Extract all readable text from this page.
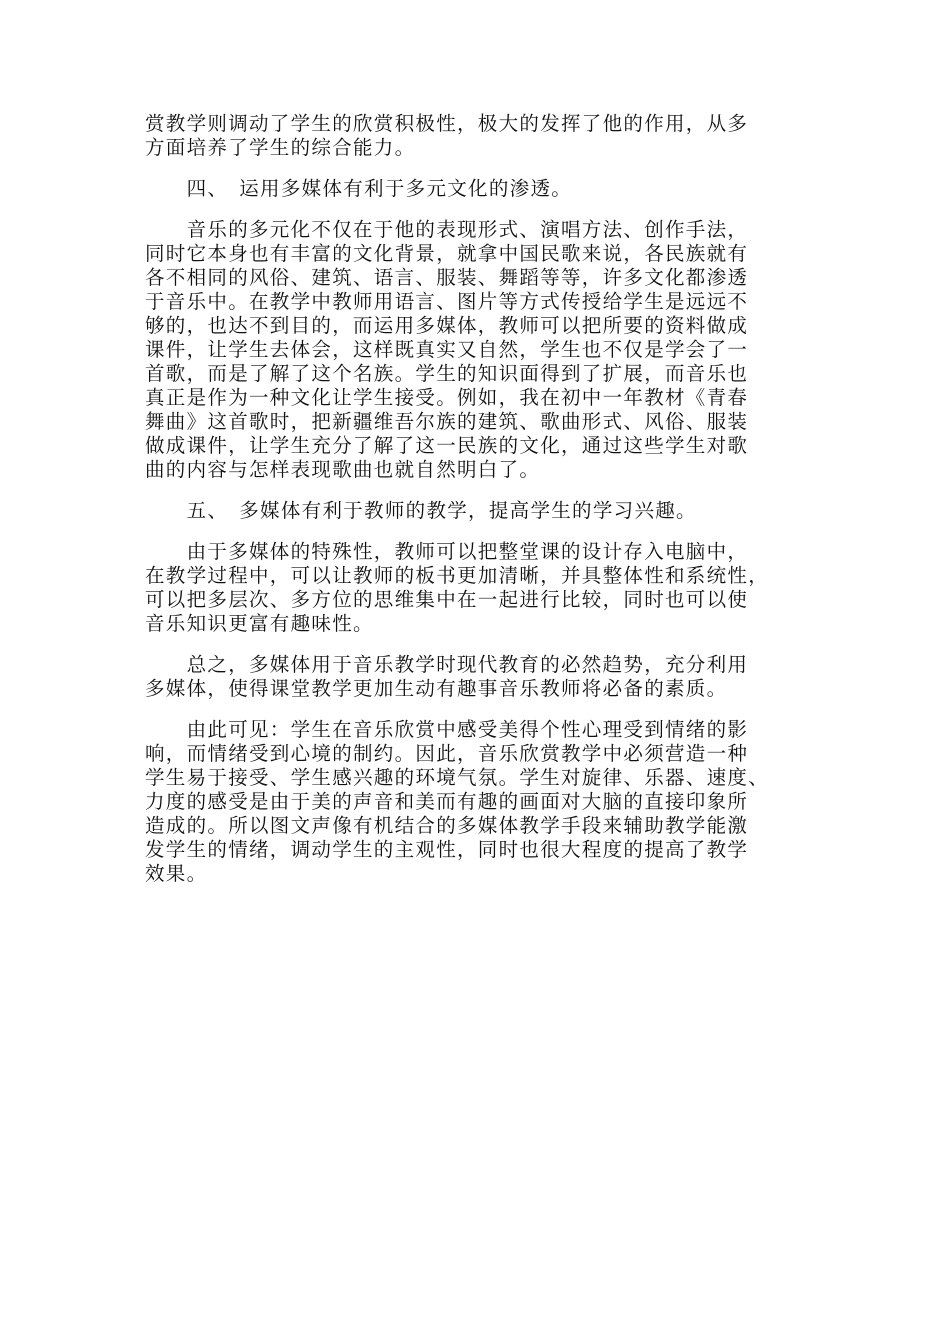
赏教学则调动了学生的欣赏积极性，极大的发挥了他的作用，从多
方面培养了学生的综合能力。
　　四、　运用多媒体有利于多元文化的渗透。
　　音乐的多元化不仅在于他的表现形式、演唱方法、创作手法，
同时它本身也有丰富的文化背景，就拿中国民歌来说，各民族就有
各不相同的风俗、建筑、语言、服装、舞蹈等等，许多文化都渗透
于音乐中。在教学中教师用语言、图片等方式传授给学生是远远不
够的，也达不到目的，而运用多媒体，教师可以把所要的资料做成
课件，让学生去体会，这样既真实又自然，学生也不仅是学会了一
首歌，而是了解了这个名族。学生的知识面得到了扩展，而音乐也
真正是作为一种文化让学生接受。例如，我在初中一年教材《青春
舞曲》这首歌时，把新疆维吾尔族的建筑、歌曲形式、风俗、服装
做成课件，让学生充分了解了这一民族的文化，通过这些学生对歌
曲的内容与怎样表现歌曲也就自然明白了。
　　五、　多媒体有利于教师的教学，提高学生的学习兴趣。
　　由于多媒体的特殊性，教师可以把整堂课的设计存入电脑中，
在教学过程中，可以让教师的板书更加清晰，并具整体性和系统性，
可以把多层次、多方位的思维集中在一起进行比较，同时也可以使
音乐知识更富有趣味性。
　　总之，多媒体用于音乐教学时现代教育的必然趋势，充分利用
多媒体，使得课堂教学更加生动有趣事音乐教师将必备的素质。
　　由此可见：学生在音乐欣赏中感受美得个性心理受到情绪的影
响，而情绪受到心境的制约。因此，音乐欣赏教学中必须营造一种
学生易于接受、学生感兴趣的环境气氛。学生对旋律、乐器、速度、
力度的感受是由于美的声音和美而有趣的画面对大脑的直接印象所
造成的。所以图文声像有机结合的多媒体教学手段来辅助教学能激
发学生的情绪，调动学生的主观性，同时也很大程度的提高了教学
效果。
